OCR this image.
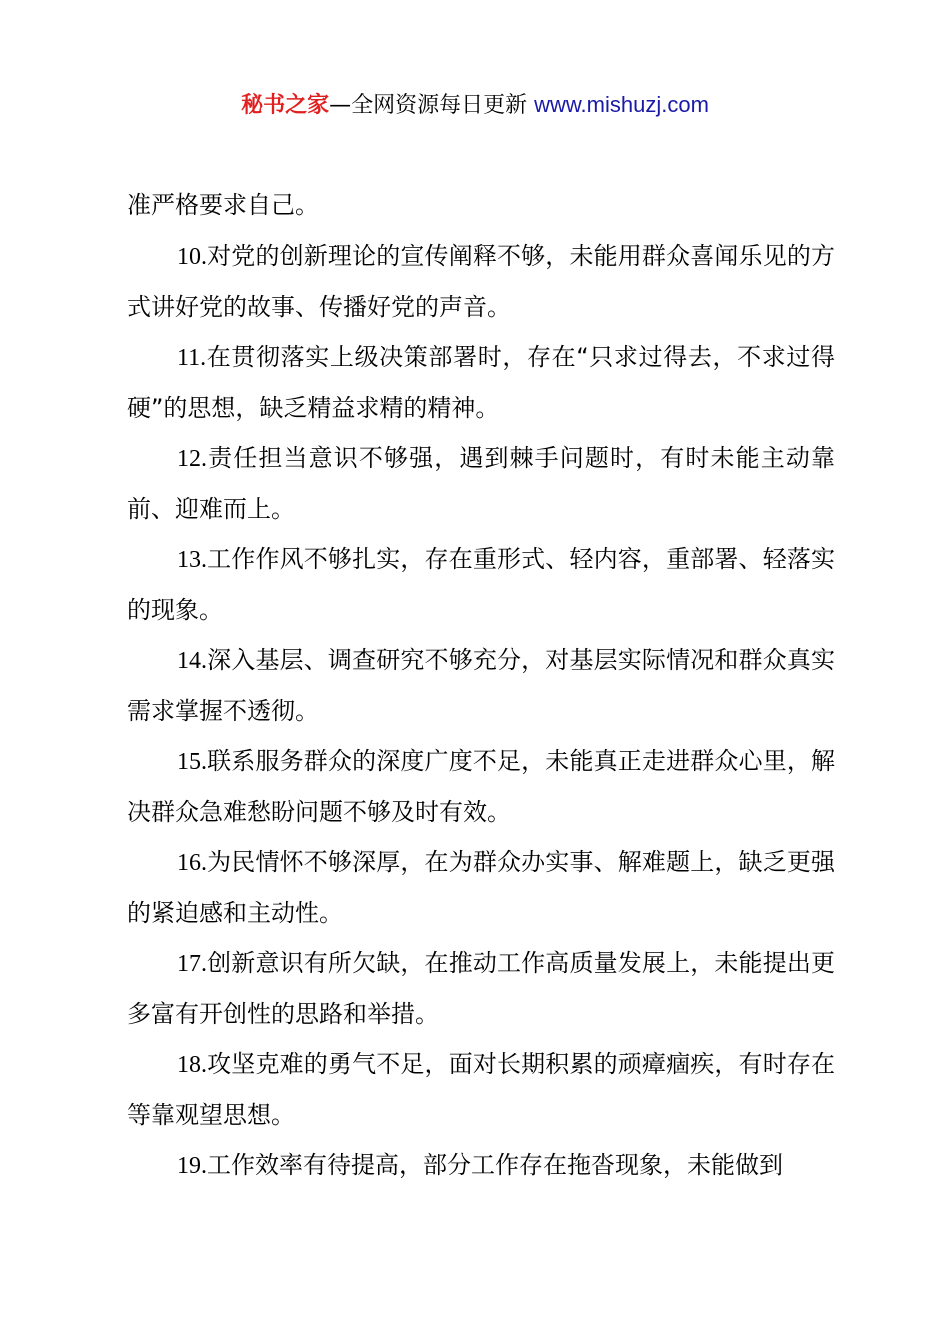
秘书之家—全网资源每日更新 www.mishuzj.com

准严格要求自己。

10.对党的创新理论的宣传阐释不够，未能用群众喜闻乐见的方式讲好党的故事、传播好党的声音。

11.在贯彻落实上级决策部署时，存在“只求过得去，不求过得硬”的思想，缺乏精益求精的精神。

12.责任担当意识不够强，遇到棘手问题时，有时未能主动靠前、迎难而上。

13.工作作风不够扎实，存在重形式、轻内容，重部署、轻落实的现象。

14.深入基层、调查研究不够充分，对基层实际情况和群众真实需求掌握不透彻。

15.联系服务群众的深度广度不足，未能真正走进群众心里，解决群众急难愁盼问题不够及时有效。

16.为民情怀不够深厚，在为群众办实事、解难题上，缺乏更强的紧迫感和主动性。

17.创新意识有所欠缺，在推动工作高质量发展上，未能提出更多富有开创性的思路和举措。

18.攻坚克难的勇气不足，面对长期积累的顽瘴痼疾，有时存在等靠观望思想。

19.工作效率有待提高，部分工作存在拖沓现象，未能做到
